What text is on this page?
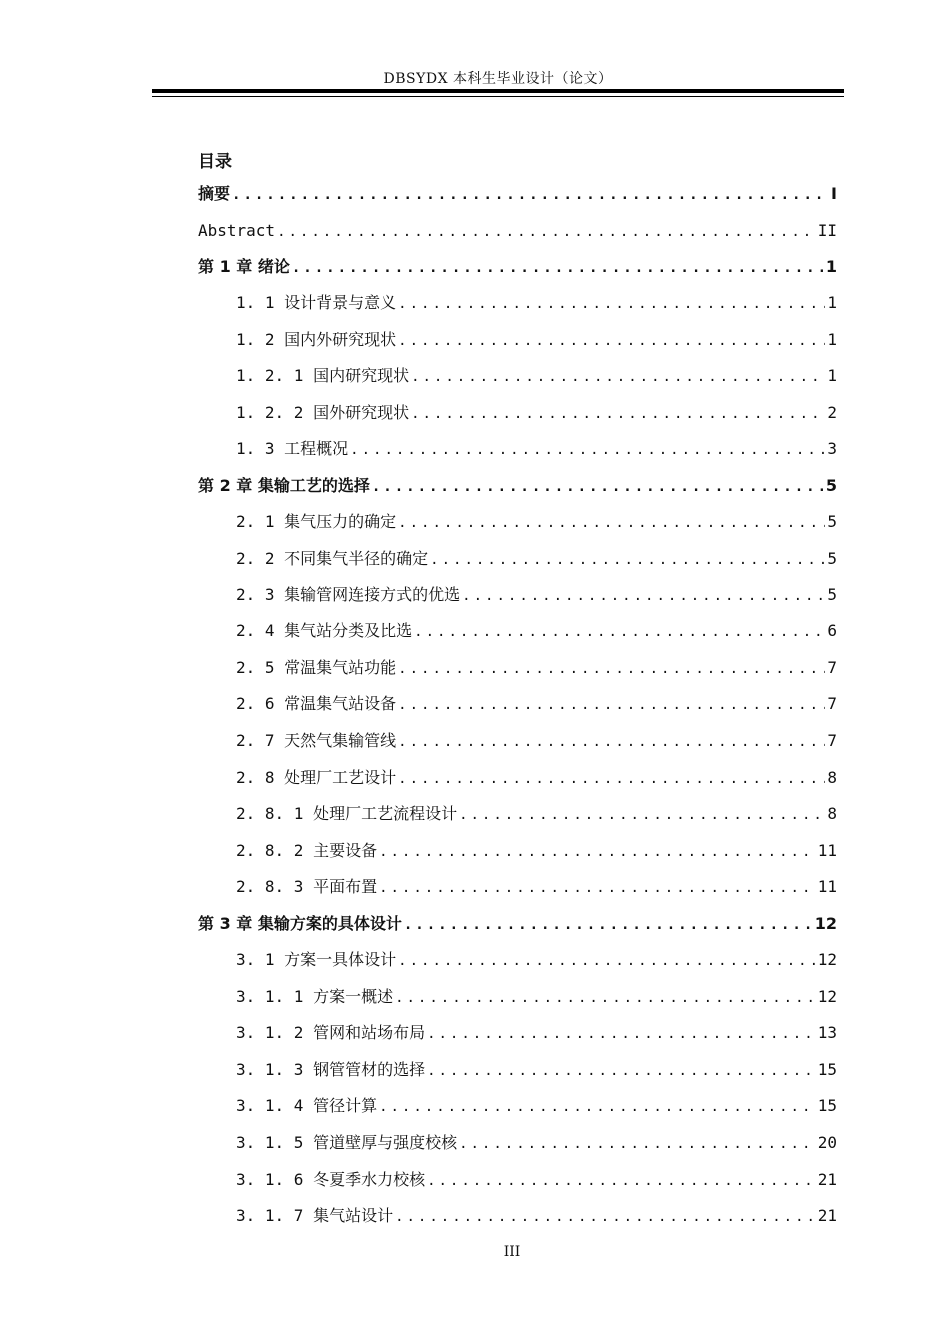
DBSYDX 本科生毕业设计（论文）
目录
摘要 .....	I
Abstract .....	II
第 1 章 绪论 .....	1
1. 1 设计背景与意义 .....	1
1. 2 国内外研究现状 .....	1
1. 2. 1 国内研究现状 .....	1
1. 2. 2 国外研究现状 .....	2
1. 3 工程概况 .....	3
第 2 章 集输工艺的选择 .....	5
2. 1 集气压力的确定 .....	5
2. 2 不同集气半径的确定 .....	5
2. 3 集输管网连接方式的优选 .....	5
2. 4 集气站分类及比选 .....	6
2. 5 常温集气站功能 .....	7
2. 6 常温集气站设备 .....	7
2. 7 天然气集输管线 .....	7
2. 8 处理厂工艺设计 .....	8
2. 8. 1 处理厂工艺流程设计 .....	8
2. 8. 2 主要设备 .....	11
2. 8. 3 平面布置 .....	11
第 3 章 集输方案的具体设计 .....	12
3. 1 方案一具体设计 .....	12
3. 1. 1 方案一概述 .....	12
3. 1. 2 管网和站场布局 .....	13
3. 1. 3 钢管管材的选择 .....	15
3. 1. 4 管径计算 .....	15
3. 1. 5 管道壁厚与强度校核 .....	20
3. 1. 6 冬夏季水力校核 .....	21
3. 1. 7 集气站设计 .....	21
III
